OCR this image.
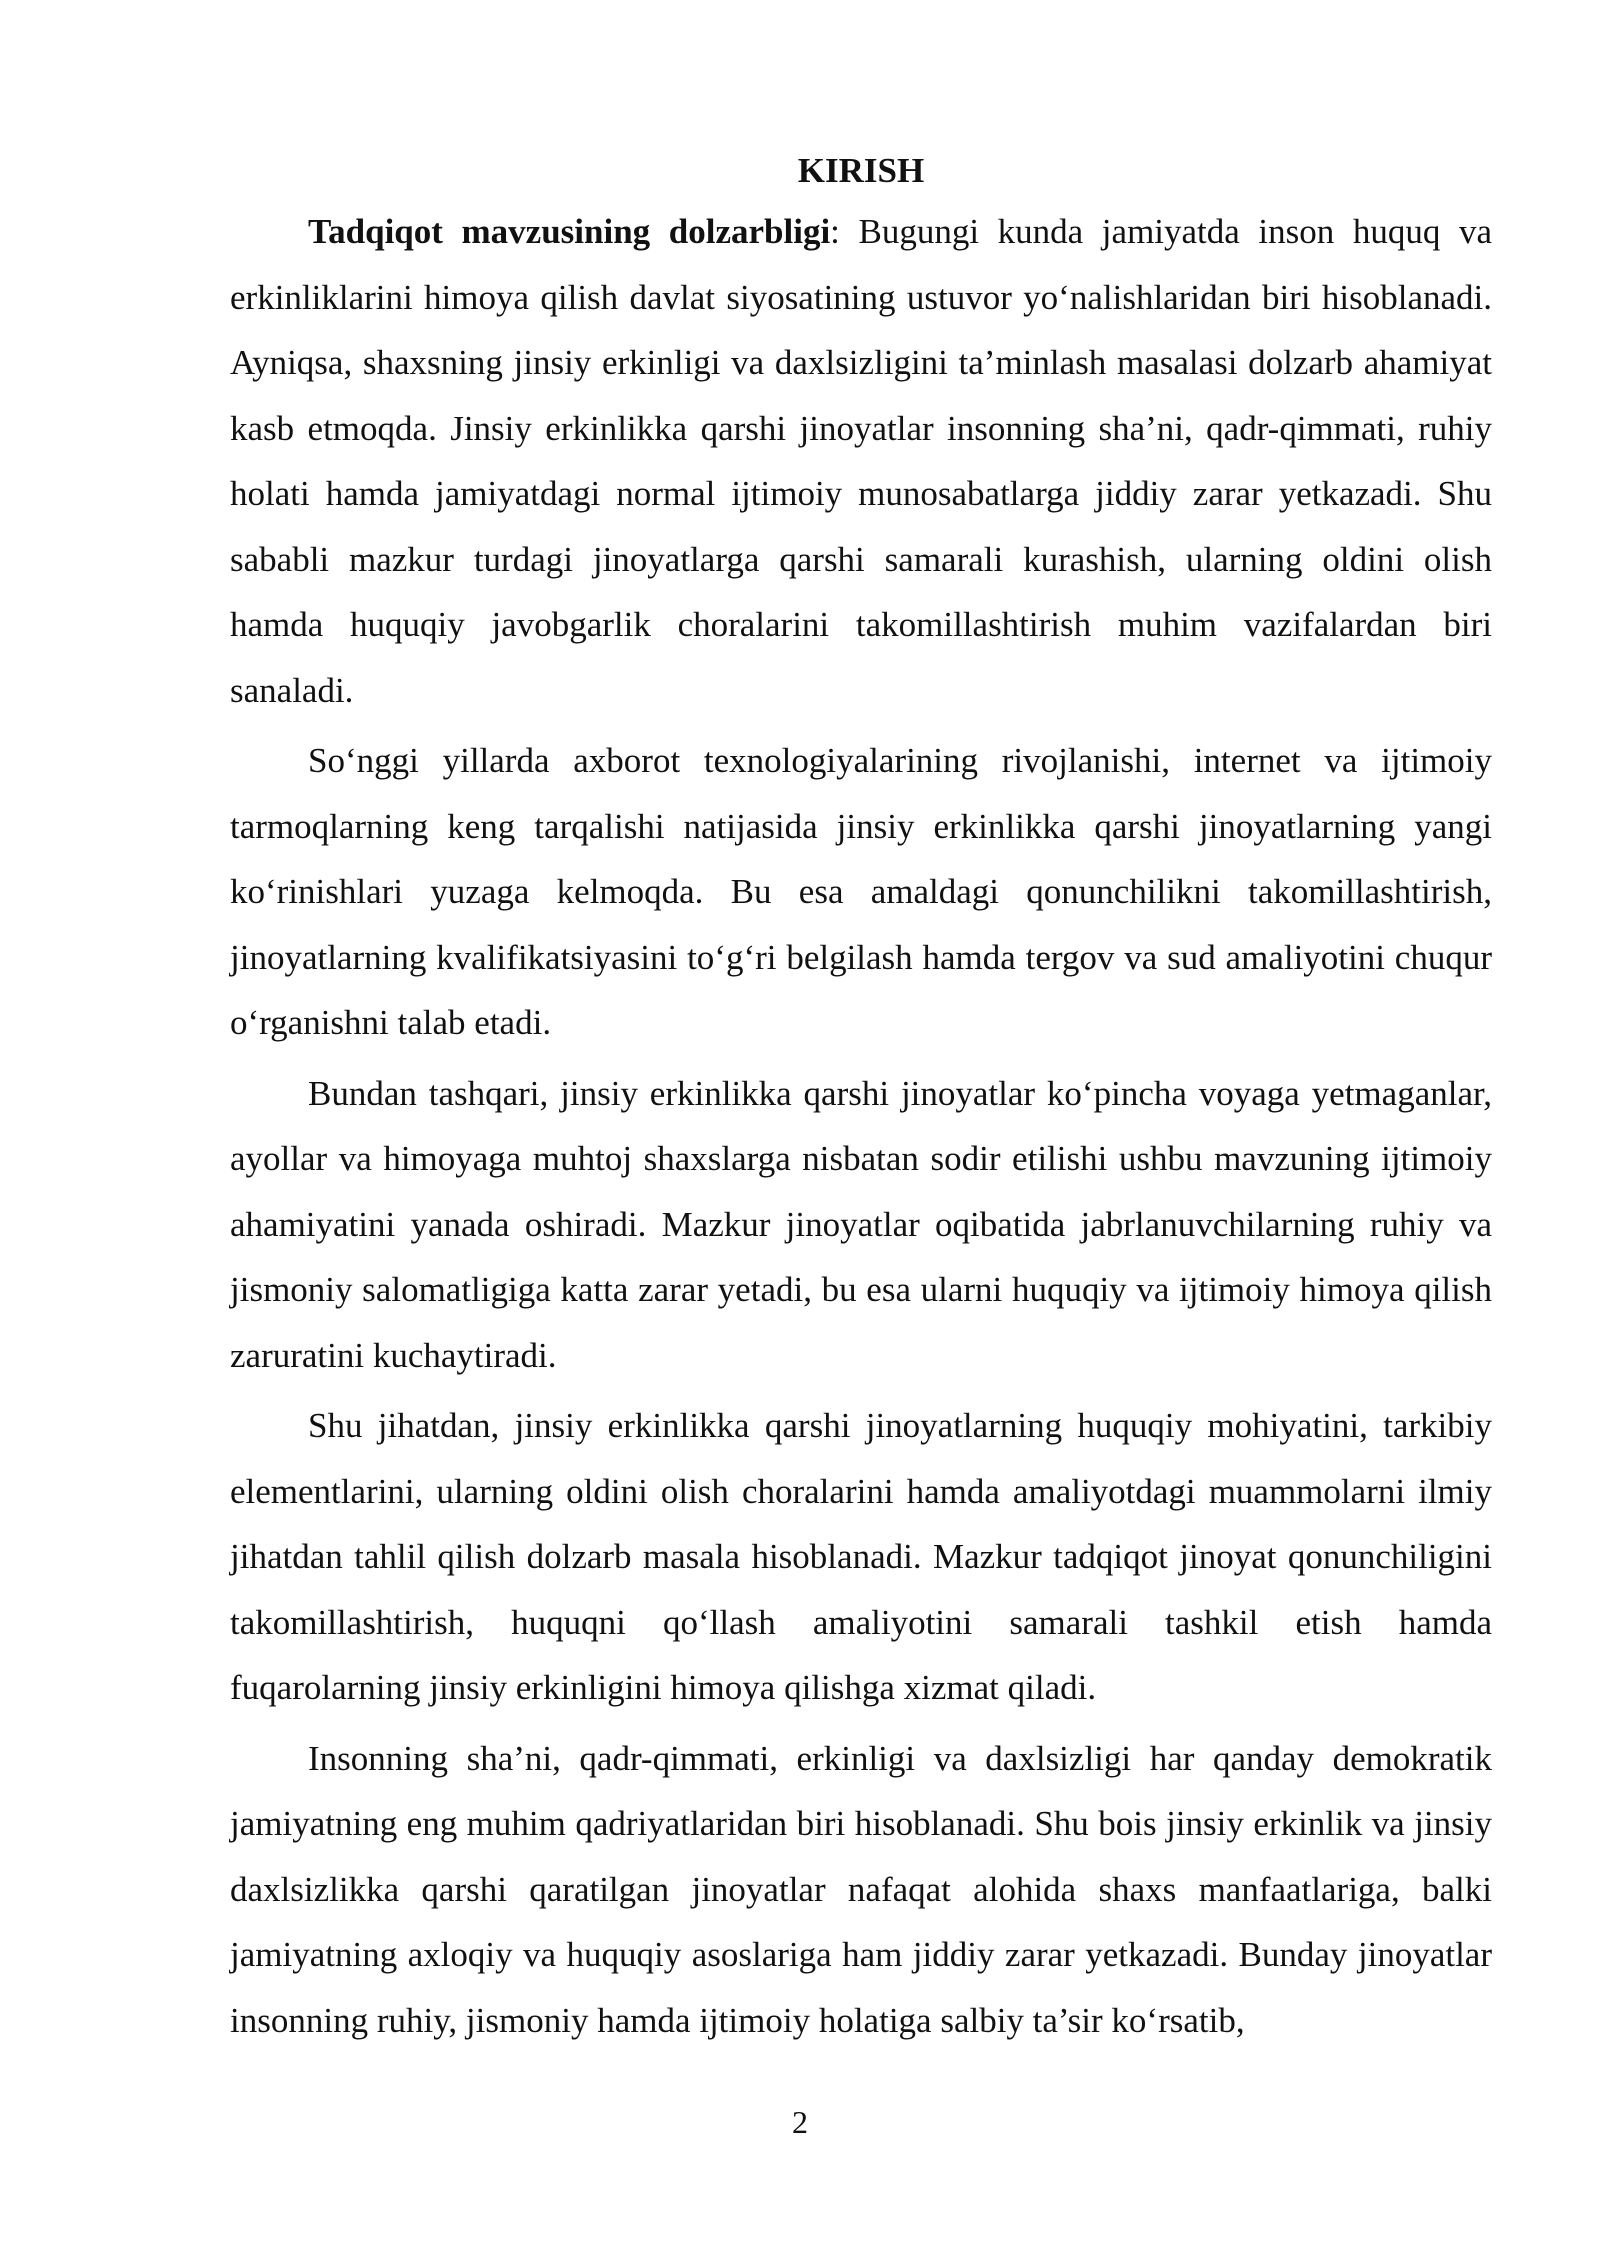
KIRISH

Tadqiqot mavzusining dolzarbligi: Bugungi kunda jamiyatda inson huquq va erkinliklarini himoya qilish davlat siyosatining ustuvor yo‘nalishlaridan biri hisoblanadi. Ayniqsa, shaxsning jinsiy erkinligi va daxlsizligini ta’minlash masalasi dolzarb ahamiyat kasb etmoqda. Jinsiy erkinlikka qarshi jinoyatlar insonning sha’ni, qadr-qimmati, ruhiy holati hamda jamiyatdagi normal ijtimoiy munosabatlarga jiddiy zarar yetkazadi. Shu sababli mazkur turdagi jinoyatlarga qarshi samarali kurashish, ularning oldini olish hamda huquqiy javobgarlik choralarini takomillashtirish muhim vazifalardan biri sanaladi.

So‘nggi yillarda axborot texnologiyalarining rivojlanishi, internet va ijtimoiy tarmoqlarning keng tarqalishi natijasida jinsiy erkinlikka qarshi jinoyatlarning yangi ko‘rinishlari yuzaga kelmoqda. Bu esa amaldagi qonunchilikni takomillashtirish, jinoyatlarning kvalifikatsiyasini to‘g‘ri belgilash hamda tergov va sud amaliyotini chuqur o‘rganishni talab etadi.

Bundan tashqari, jinsiy erkinlikka qarshi jinoyatlar ko‘pincha voyaga yetmaganlar, ayollar va himoyaga muhtoj shaxslarga nisbatan sodir etilishi ushbu mavzuning ijtimoiy ahamiyatini yanada oshiradi. Mazkur jinoyatlar oqibatida jabrlanuvchilarning ruhiy va jismoniy salomatligiga katta zarar yetadi, bu esa ularni huquqiy va ijtimoiy himoya qilish zaruratini kuchaytiradi.

Shu jihatdan, jinsiy erkinlikka qarshi jinoyatlarning huquqiy mohiyatini, tarkibiy elementlarini, ularning oldini olish choralarini hamda amaliyotdagi muammolarni ilmiy jihatdan tahlil qilish dolzarb masala hisoblanadi. Mazkur tadqiqot jinoyat qonunchiligini takomillashtirish, huquqni qo‘llash amaliyotini samarali tashkil etish hamda fuqarolarning jinsiy erkinligini himoya qilishga xizmat qiladi.

Insonning sha’ni, qadr-qimmati, erkinligi va daxlsizligi har qanday demokratik jamiyatning eng muhim qadriyatlaridan biri hisoblanadi. Shu bois jinsiy erkinlik va jinsiy daxlsizlikka qarshi qaratilgan jinoyatlar nafaqat alohida shaxs manfaatlariga, balki jamiyatning axloqiy va huquqiy asoslariga ham jiddiy zarar yetkazadi. Bunday jinoyatlar insonning ruhiy, jismoniy hamda ijtimoiy holatiga salbiy ta’sir ko‘rsatib,

2
